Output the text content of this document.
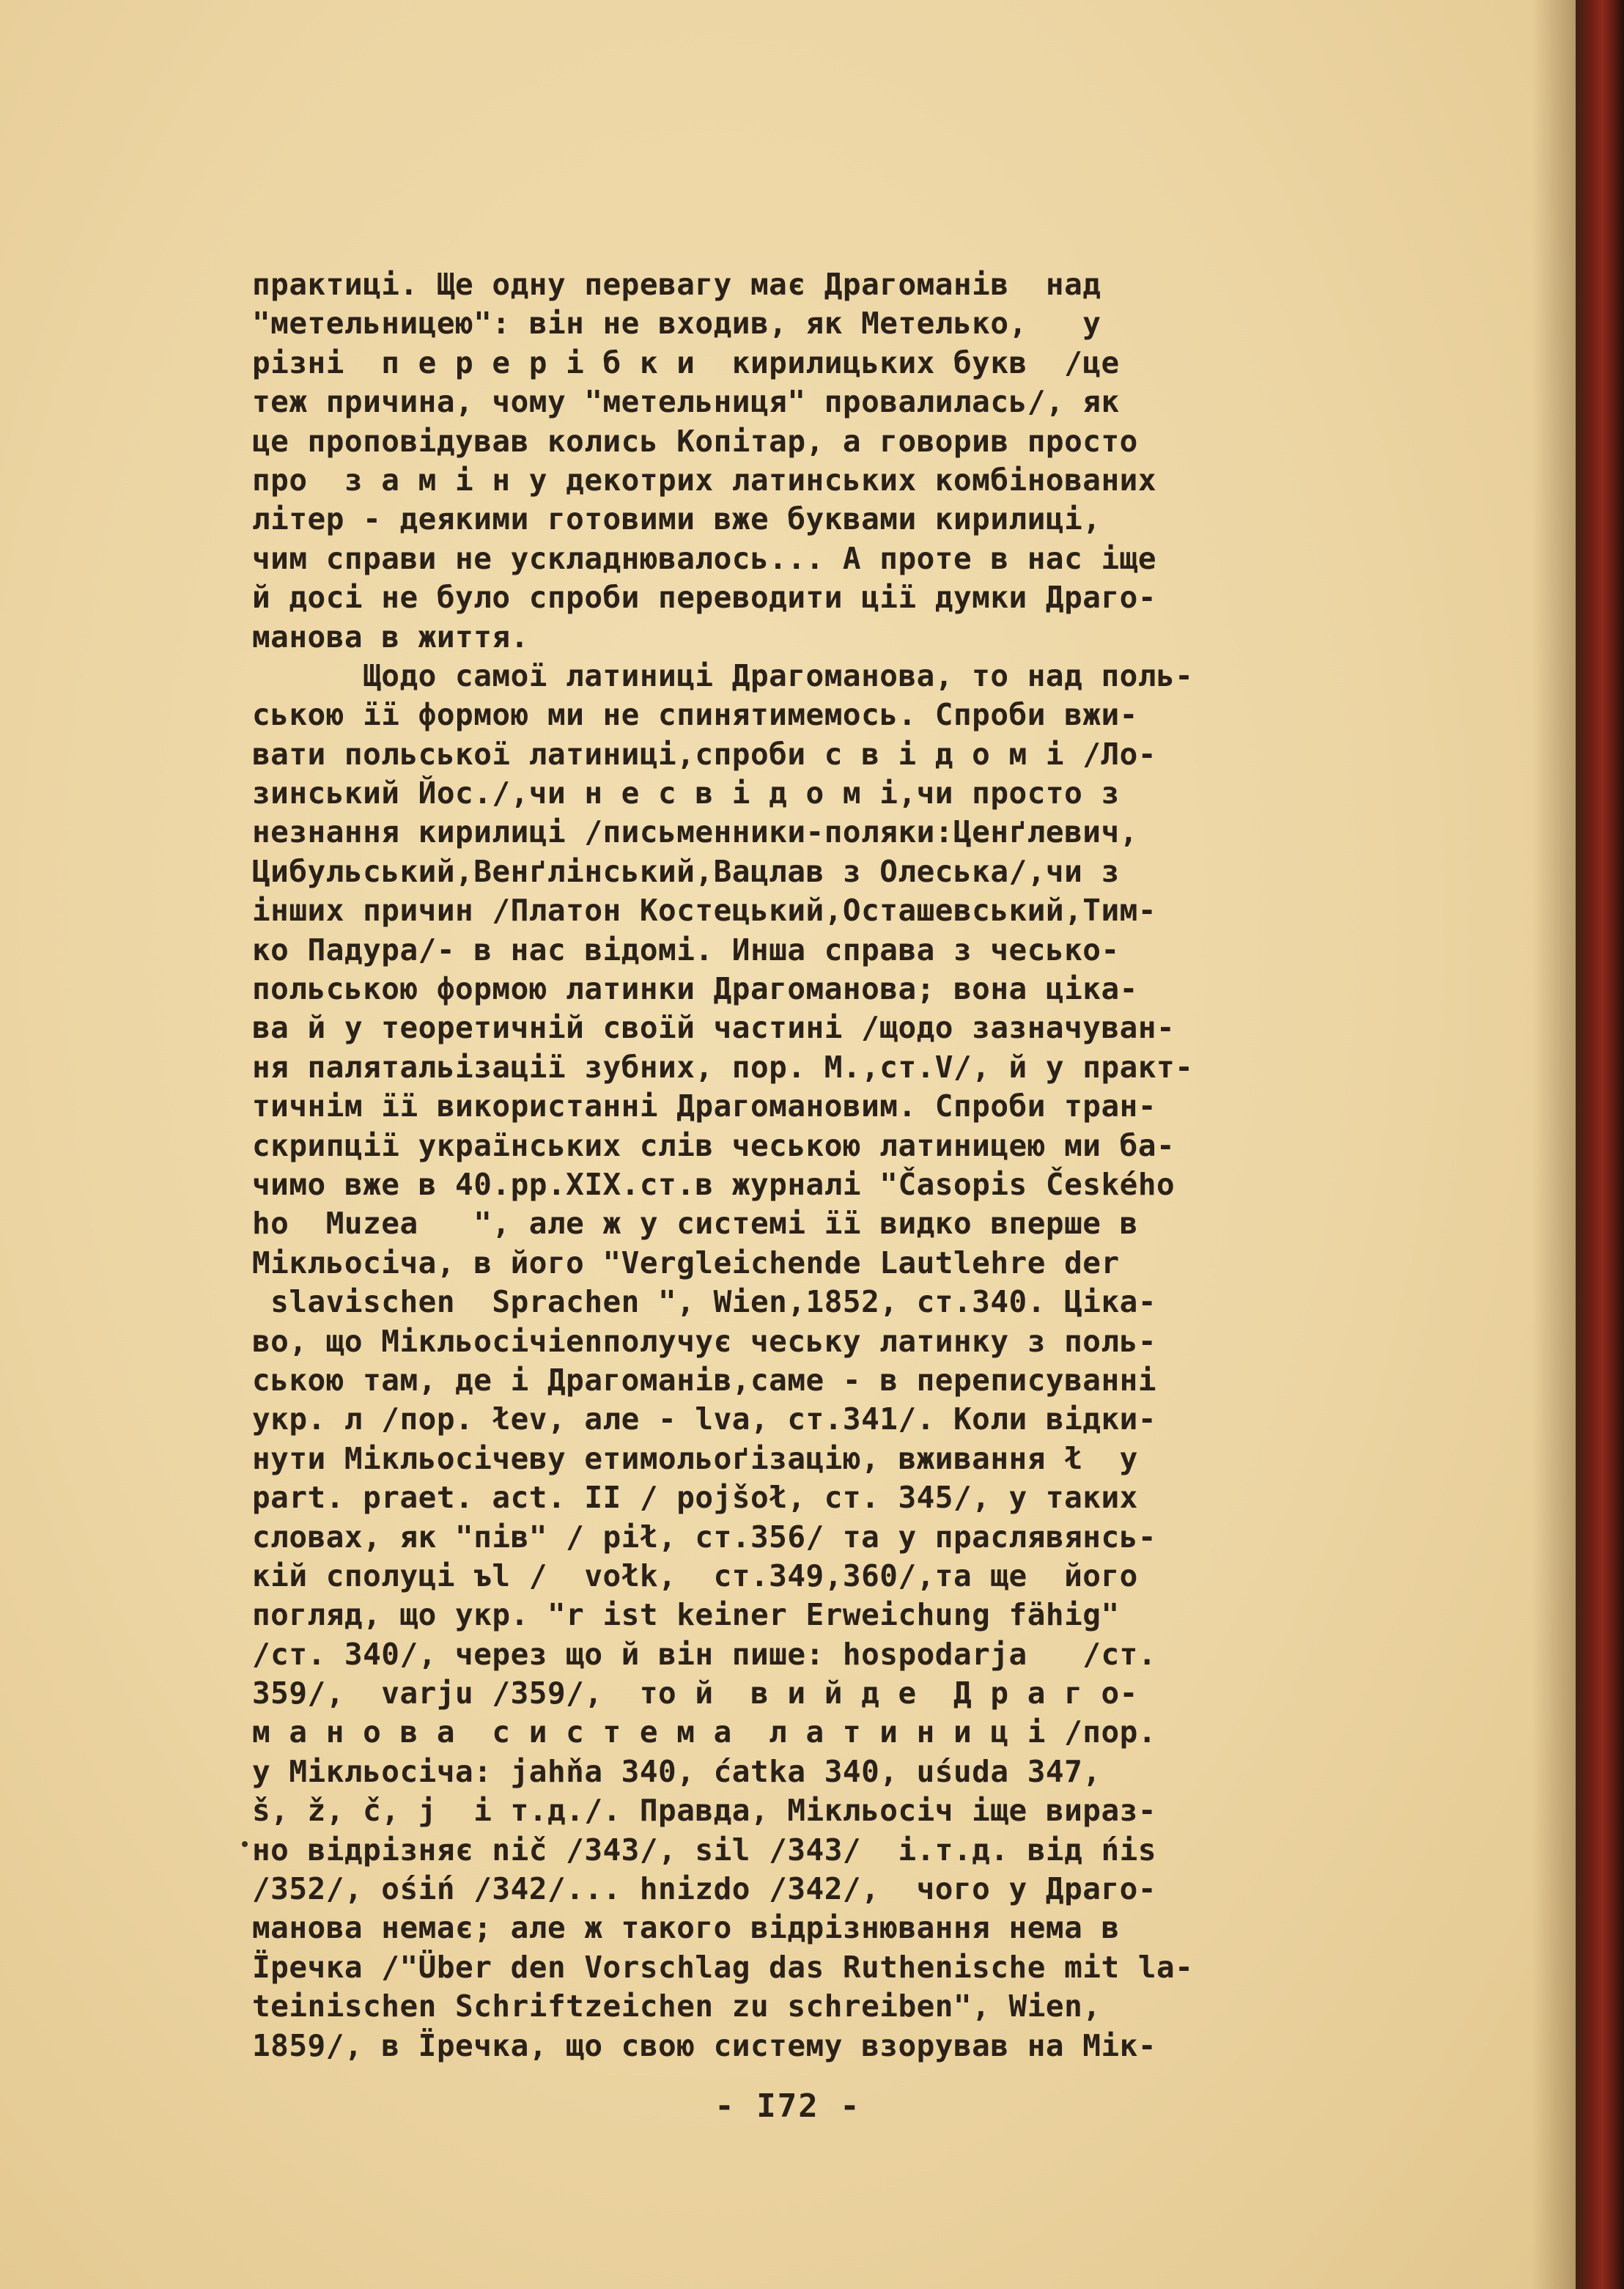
практиці. Ще одну перевагу має Драгоманів  над
"метельницею": він не входив, як Метелько,   у
різні  п е р е р і б к и  кирилицьких букв  /це
теж причина, чому "метельниця" провалилась/, як
це проповідував колись Копітар, а говорив просто
про  з а м і н у декотрих латинських комбінованих
літер - деякими готовими вже буквами кирилиці,
чим справи не ускладнювалось... А проте в нас іще
й досі не було спроби переводити ції думки Драго-
манова в життя.
Щодо самої латиниці Драгоманова, то над поль-
ською її формою ми не спинятимемось. Спроби вжи-
вати польської латиниці,спроби с в і д о м і /Ло-
зинський Йос./,чи н е с в і д о м і,чи просто з
незнання кирилиці /письменники-поляки:Ценґлевич,
Цибульський,Венґлінський,Вацлав з Олеська/,чи з
інших причин /Платон Костецький,Осташевський,Тим-
ко Падура/- в нас відомі. Инша справа з чесько-
польською формою латинки Драгоманова; вона ціка-
ва й у теоретичній своїй частині /щодо зазначуван-
ня палятальізації зубних, пор. М.,ст.V/, й у практ-
тичнім її використанні Драгомановим. Спроби тран-
скрипції українських слів чеською латиницею ми ба-
чимо вже в 40.рр.XIX.ст.в журналі "Časopis Českého
ho  Muzea   ", але ж у системі її видко вперше в
Мікльосіча, в його "Vergleichende Lautlehre der
slavischen  Sprachen ", Wien,1852, ст.340. Ціка-
во, що Мікльосічienполучує чеську латинку з поль-
ською там, де і Драгоманів,саме - в переписуванні
укр. л /пор. łev, але - lva, ст.341/. Коли відки-
нути Мікльосічеву етимольоґізацію, вживання ł  у
part. praet. act. II / pojšoł, ст. 345/, у таких
словах, як "пів" / pił, ст.356/ та у праслявянсь-
кій сполуці ъl /  vołk,  ст.349,360/,та ще  його
погляд, що укр. "r ist keiner Erweichung fähig"
/ст. 340/, через що й він пише: hospodarja   /ст.
359/,  varju /359/,  то й  в и й д е  Д р а г о-
м а н о в а  с и с т е м а  л а т и н и ц і /пор.
у Мікльосіча: jahňa 340, ćatka 340, uśuda 347,
š, ž, č, j  і т.д./. Правда, Мікльосіч іще вираз-
но відрізняє nič /343/, sil /343/  і.т.д. від ńis
/352/, ośiń /342/... hnizdo /342/,  чого у Драго-
манова немає; але ж такого відрізнювання нема в
Їречка /"Über den Vorschlag das Ruthenische mit la-
teinischen Schriftzeichen zu schreiben", Wien,
1859/, в Їречка, що свою систему взорував на Мік-
- I72 -
